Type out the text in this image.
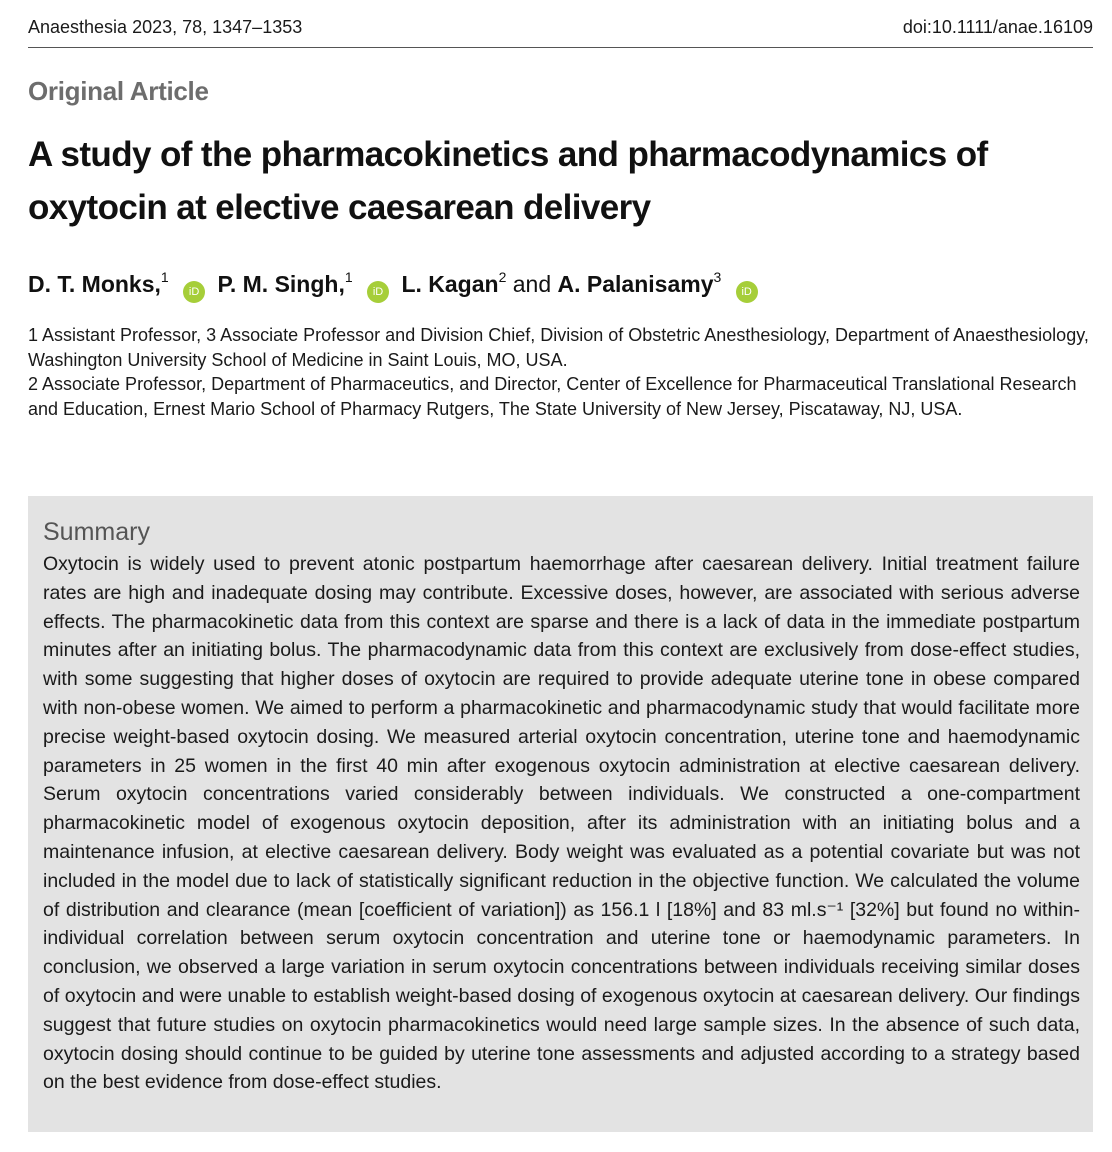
Anaesthesia 2023, 78, 1347–1353	doi:10.1111/anae.16109
Original Article
A study of the pharmacokinetics and pharmacodynamics of oxytocin at elective caesarean delivery
D. T. Monks,$^1$ iD P. M. Singh,$^1$ iD L. Kagan$^2$ and A. Palanisamy$^3$ iD

1 Assistant Professor, 3 Associate Professor and Division Chief, Division of Obstetric Anesthesiology, Department of Anaesthesiology, Washington University School of Medicine in Saint Louis, MO, USA.

2 Associate Professor, Department of Pharmaceutics, and Director, Center of Excellence for Pharmaceutical Translational Research and Education, Ernest Mario School of Pharmacy Rutgers, The State University of New Jersey, Piscataway, NJ, USA.

Summary

Oxytocin is widely used to prevent atonic postpartum haemorrhage after caesarean delivery. Initial treatment failure rates are high and inadequate dosing may contribute. Excessive doses, however, are associated with serious adverse effects. The pharmacokinetic data from this context are sparse and there is a lack of data in the immediate postpartum minutes after an initiating bolus. The pharmacodynamic data from this context are exclusively from dose-effect studies, with some suggesting that higher doses of oxytocin are required to provide adequate uterine tone in obese compared with non-obese women. We aimed to perform a pharmacokinetic and pharmacodynamic study that would facilitate more precise weight-based oxytocin dosing. We measured arterial oxytocin concentration, uterine tone and haemodynamic parameters in 25 women in the first 40 min after exogenous oxytocin administration at elective caesarean delivery. Serum oxytocin concentrations varied considerably between individuals. We constructed a one-compartment pharmacokinetic model of exogenous oxytocin deposition, after its administration with an initiating bolus and a maintenance infusion, at elective caesarean delivery. Body weight was evaluated as a potential covariate but was not included in the model due to lack of statistically significant reduction in the objective function. We calculated the volume of distribution and clearance (mean [coefficient of variation]) as 156.1 l [18%] and 83 ml.s⁻¹ [32%] but found no within-individual correlation between serum oxytocin concentration and uterine tone or haemodynamic parameters. In conclusion, we observed a large variation in serum oxytocin concentrations between individuals receiving similar doses of oxytocin and were unable to establish weight-based dosing of exogenous oxytocin at caesarean delivery. Our findings suggest that future studies on oxytocin pharmacokinetics would need large sample sizes. In the absence of such data, oxytocin dosing should continue to be guided by uterine tone assessments and adjusted according to a strategy based on the best evidence from dose-effect studies.
